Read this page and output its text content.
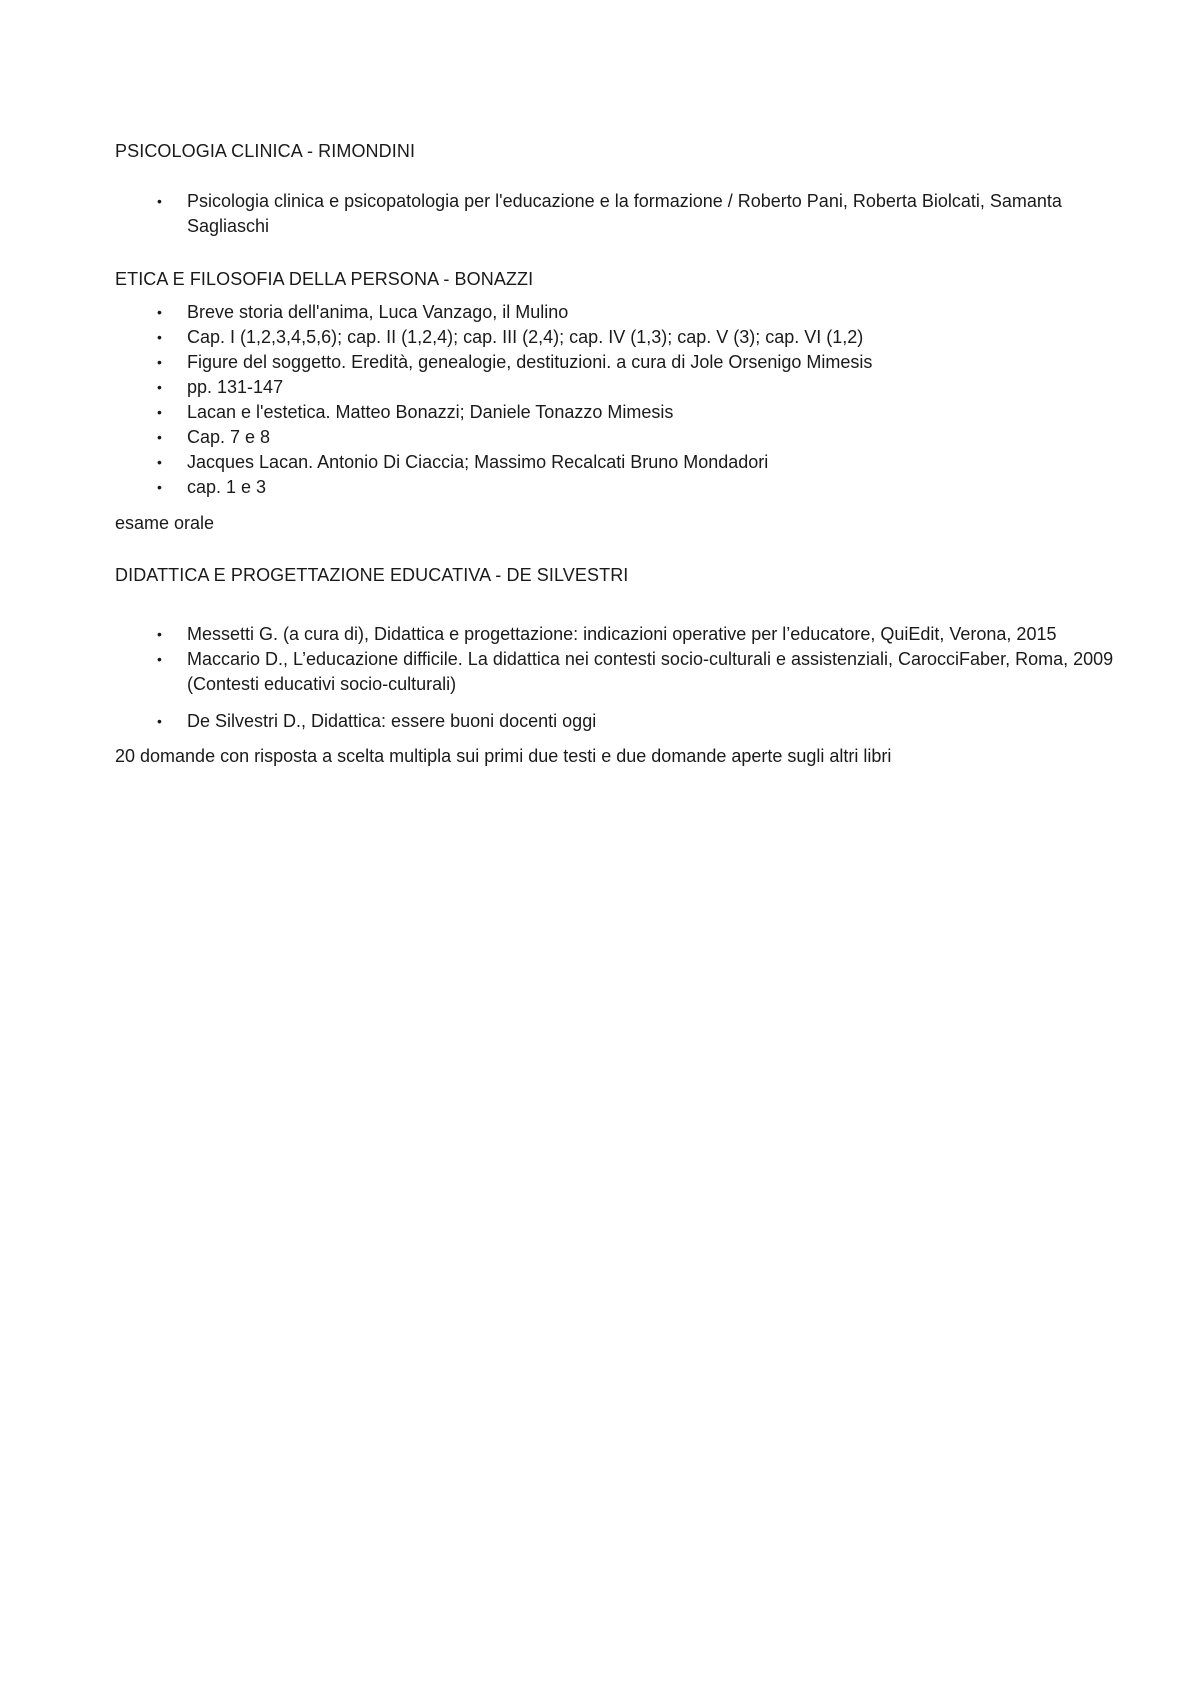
PSICOLOGIA CLINICA - RIMONDINI
• Psicologia clinica e psicopatologia per l'educazione e la formazione / Roberto Pani, Roberta Biolcati, Samanta Sagliaschi
ETICA E FILOSOFIA DELLA PERSONA - BONAZZI
• Breve storia dell'anima, Luca Vanzago, il Mulino
• Cap. I (1,2,3,4,5,6); cap. II (1,2,4); cap. III (2,4); cap. IV (1,3); cap. V (3); cap. VI (1,2)
• Figure del soggetto. Eredità, genealogie, destituzioni. a cura di Jole Orsenigo Mimesis
• pp. 131-147
• Lacan e l'estetica. Matteo Bonazzi; Daniele Tonazzo Mimesis
• Cap. 7 e 8
• Jacques Lacan. Antonio Di Ciaccia; Massimo Recalcati Bruno Mondadori
• cap. 1 e 3

esame orale

DIDATTICA E PROGETTAZIONE EDUCATIVA - DE SILVESTRI
• Messetti G. (a cura di), Didattica e progettazione: indicazioni operative per l’educatore, QuiEdit, Verona, 2015
• Maccario D., L’educazione difficile. La didattica nei contesti socio-culturali e assistenziali, CarocciFaber, Roma, 2009 (Contesti educativi socio-culturali)
• De Silvestri D., Didattica: essere buoni docenti oggi

20 domande con risposta a scelta multipla sui primi due testi e due domande aperte sugli altri libri
